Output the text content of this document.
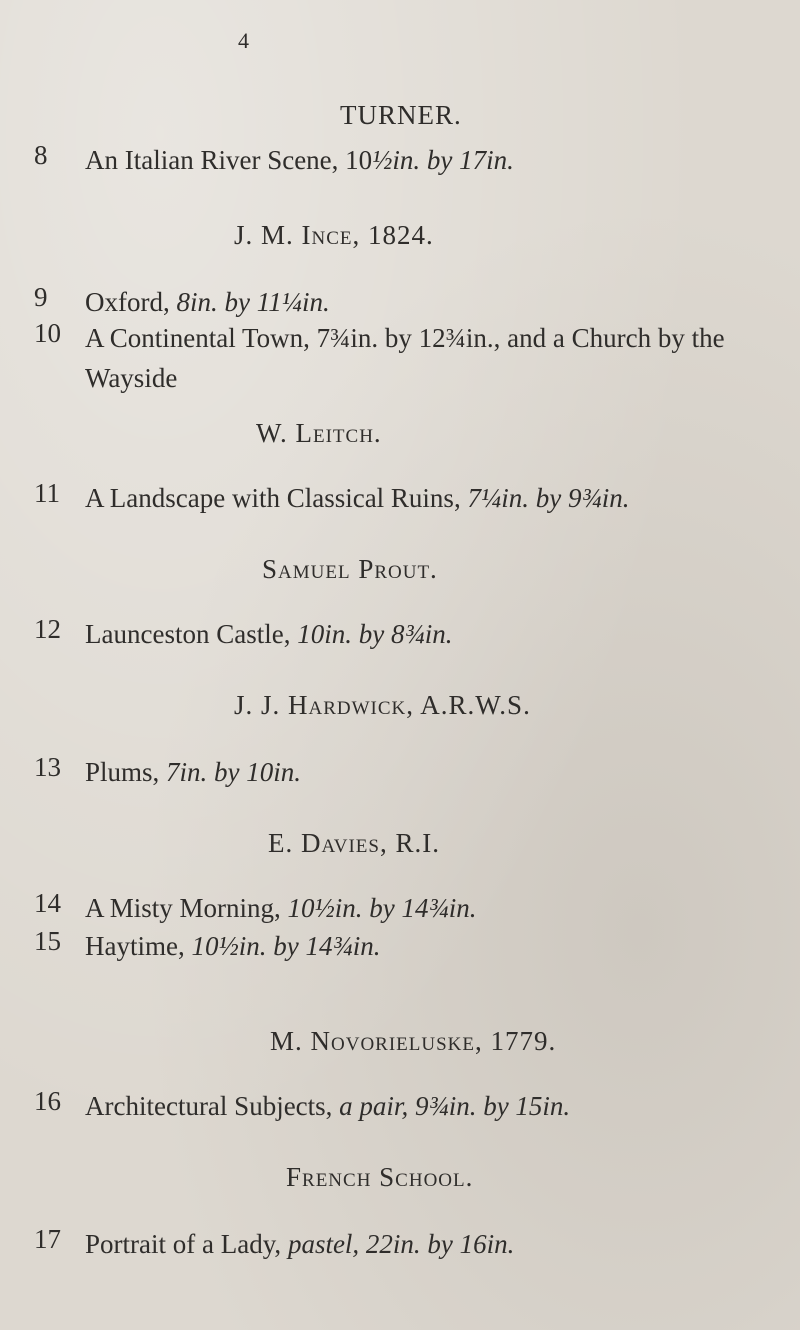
4
TURNER.
8 An Italian River Scene, 10½in. by 17in.
J. M. Ince, 1824.
9 Oxford, 8in. by 11¼in.
10 A Continental Town, 7¾in. by 12¾in., and a Church by the Wayside
W. Leitch.
11 A Landscape with Classical Ruins, 7¼in. by 9¾in.
Samuel Prout.
12 Launceston Castle, 10in. by 8¾in.
J. J. Hardwick, A.R.W.S.
13 Plums, 7in. by 10in.
E. Davies, R.I.
14 A Misty Morning, 10½in. by 14¾in.
15 Haytime, 10½in. by 14¾in.
M. Novorieluske, 1779.
16 Architectural Subjects, a pair, 9¾in. by 15in.
French School.
17 Portrait of a Lady, pastel, 22in. by 16in.
